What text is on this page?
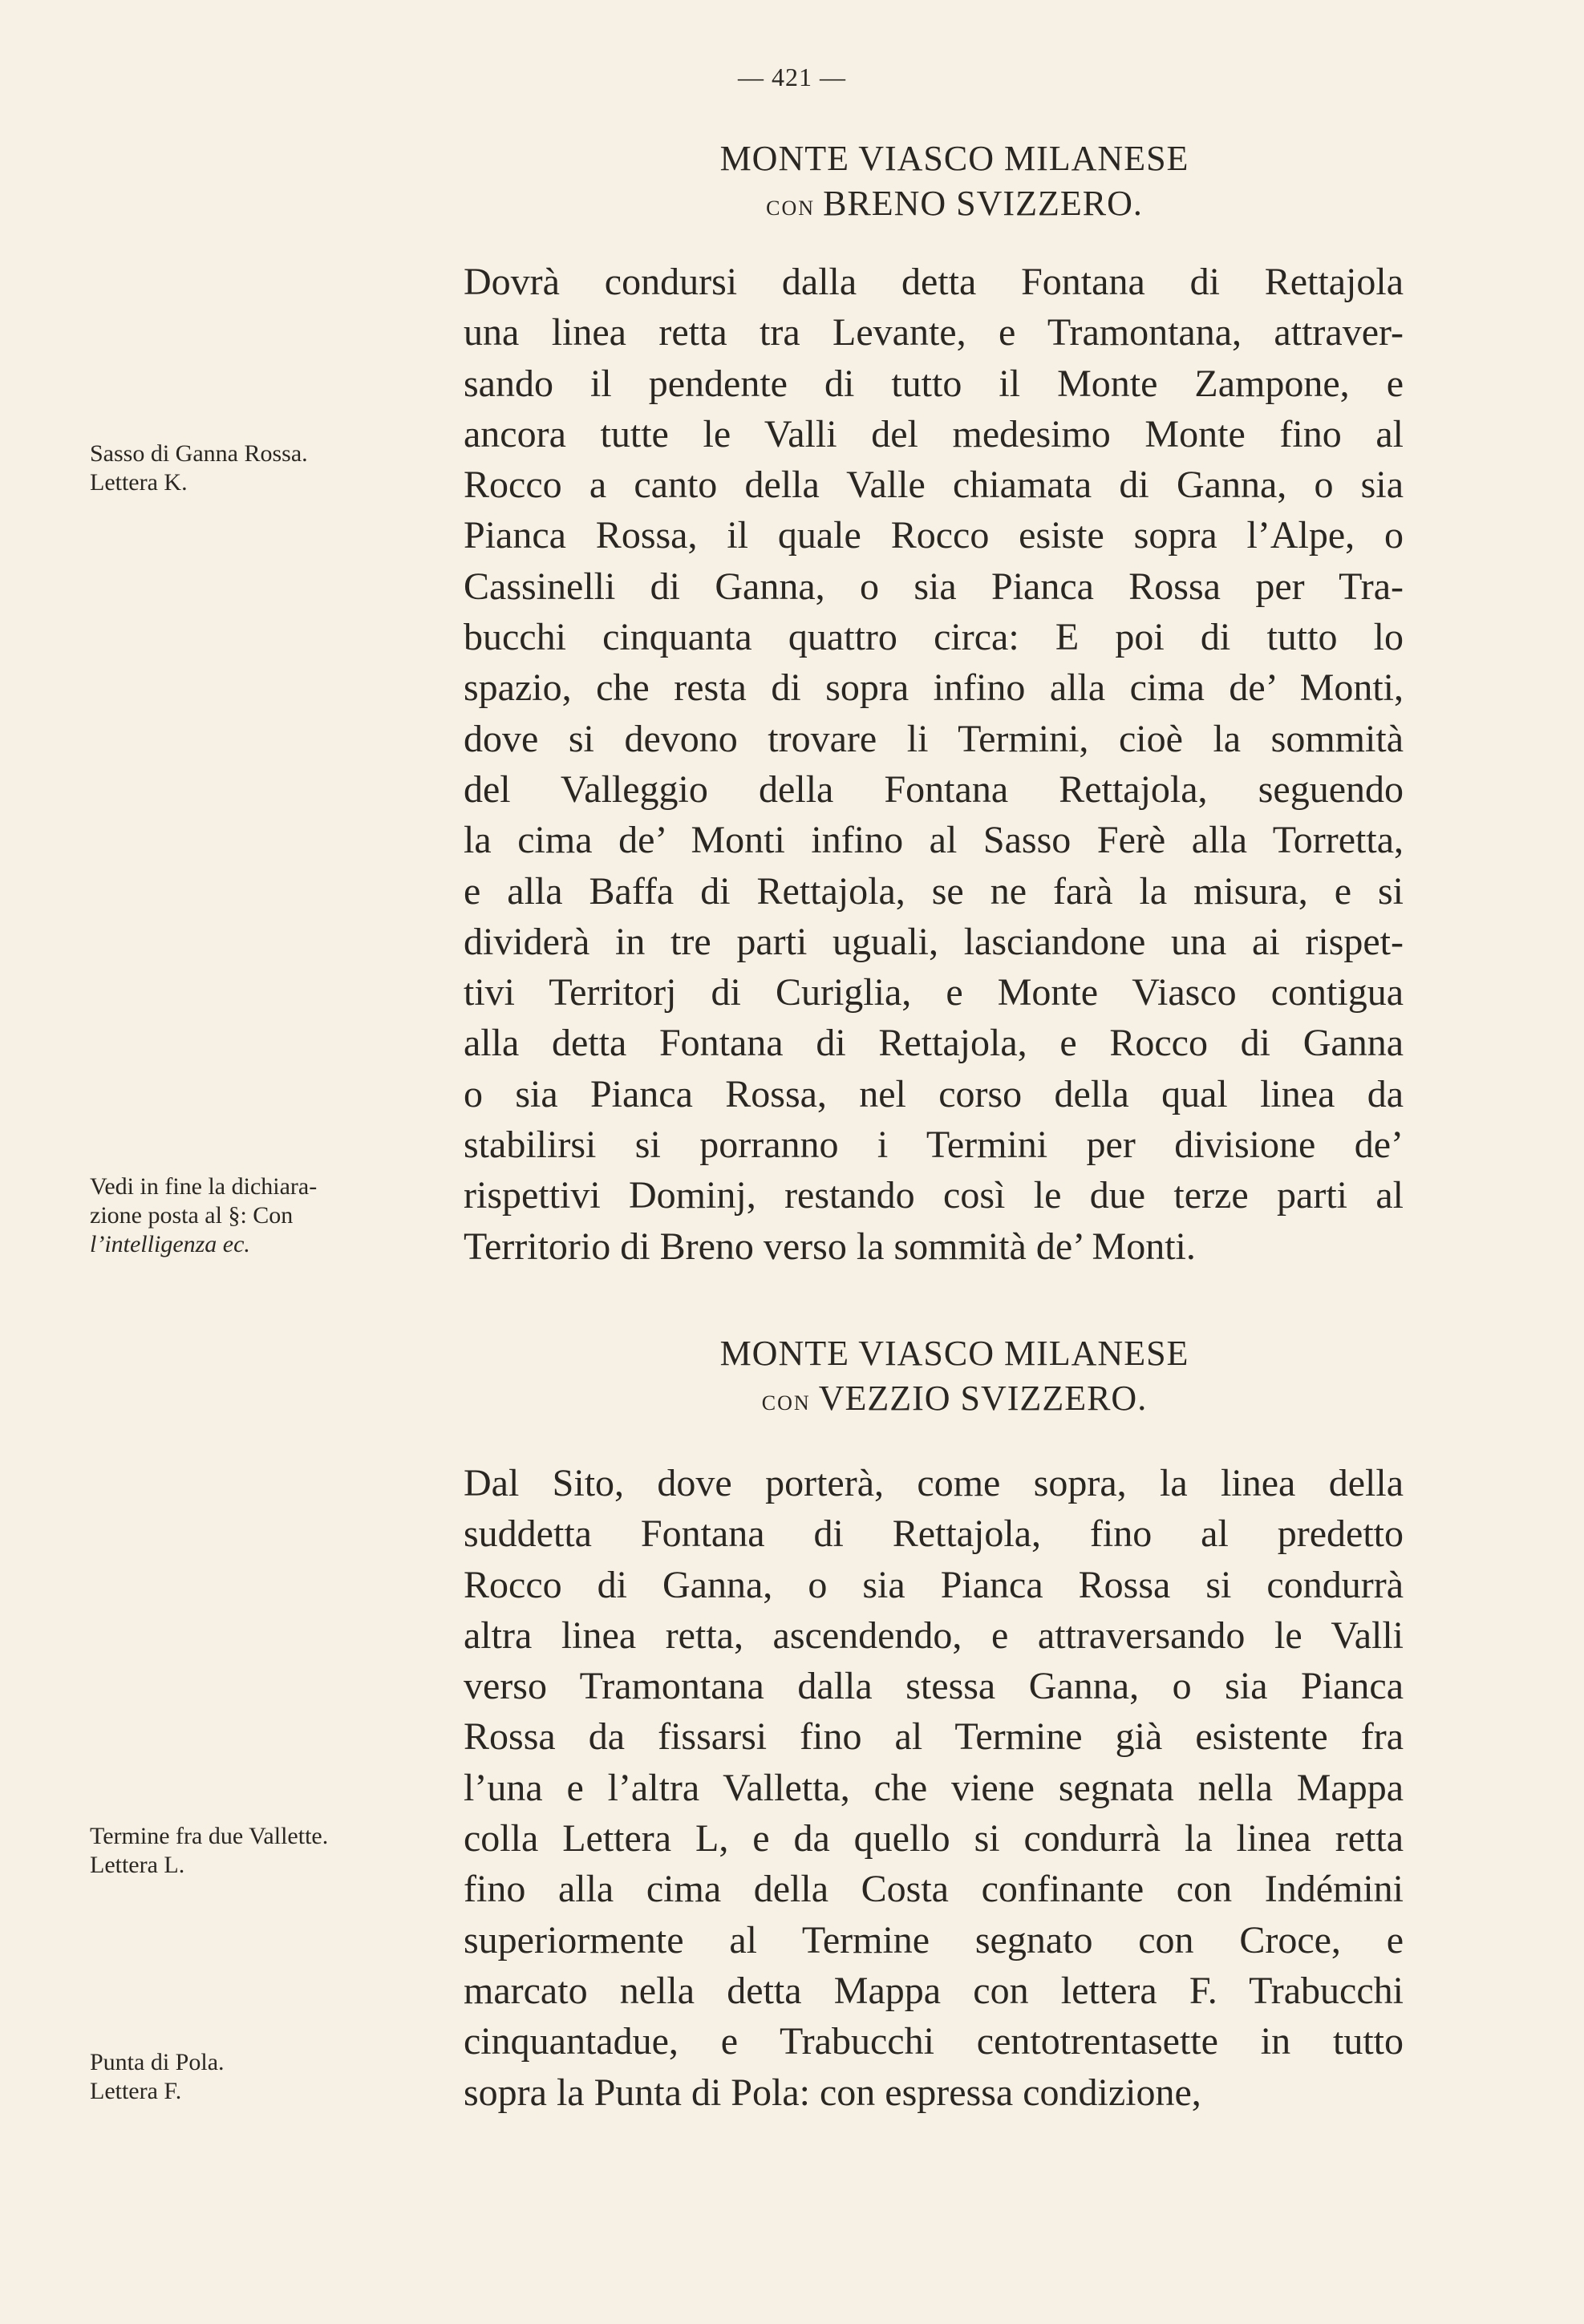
— 421 —
MONTE VIASCO MILANESE
CON BRENO SVIZZERO.
Dovrà condursi dalla detta Fontana di Rettajola
una linea retta tra Levante, e Tramontana, attraver-
sando il pendente di tutto il Monte Zampone, e
ancora tutte le Valli del medesimo Monte fino al
Rocco a canto della Valle chiamata di Ganna, o sia
Pianca Rossa, il quale Rocco esiste sopra l’Alpe, o
Cassinelli di Ganna, o sia Pianca Rossa per Tra-
bucchi cinquanta quattro circa: E poi di tutto lo
spazio, che resta di sopra infino alla cima de’ Monti,
dove si devono trovare li Termini, cioè la sommità
del Valleggio della Fontana Rettajola, seguendo
la cima de’ Monti infino al Sasso Ferè alla Torretta,
e alla Baffa di Rettajola, se ne farà la misura, e si
dividerà in tre parti uguali, lasciandone una ai rispet-
tivi Territorj di Curiglia, e Monte Viasco contigua
alla detta Fontana di Rettajola, e Rocco di Ganna
o sia Pianca Rossa, nel corso della qual linea da
stabilirsi si porranno i Termini per divisione de’
rispettivi Dominj, restando così le due terze parti al
Territorio di Breno verso la sommità de’ Monti.
MONTE VIASCO MILANESE
CON VEZZIO SVIZZERO.
Dal Sito, dove porterà, come sopra, la linea della
suddetta Fontana di Rettajola, fino al predetto
Rocco di Ganna, o sia Pianca Rossa si condurrà
altra linea retta, ascendendo, e attraversando le Valli
verso Tramontana dalla stessa Ganna, o sia Pianca
Rossa da fissarsi fino al Termine già esistente fra
l’una e l’altra Valletta, che viene segnata nella Mappa
colla Lettera L, e da quello si condurrà la linea retta
fino alla cima della Costa confinante con Indémini
superiormente al Termine segnato con Croce, e
marcato nella detta Mappa con lettera F. Trabucchi
cinquantadue, e Trabucchi centotrentasette in tutto
sopra la Punta di Pola: con espressa condizione,
Sasso di Ganna Rossa.
Lettera K.
Vedi in fine la dichiara-
zione posta al §: Con
l’intelligenza ec.
Termine fra due Vallette.
Lettera L.
Punta di Pola.
Lettera F.
